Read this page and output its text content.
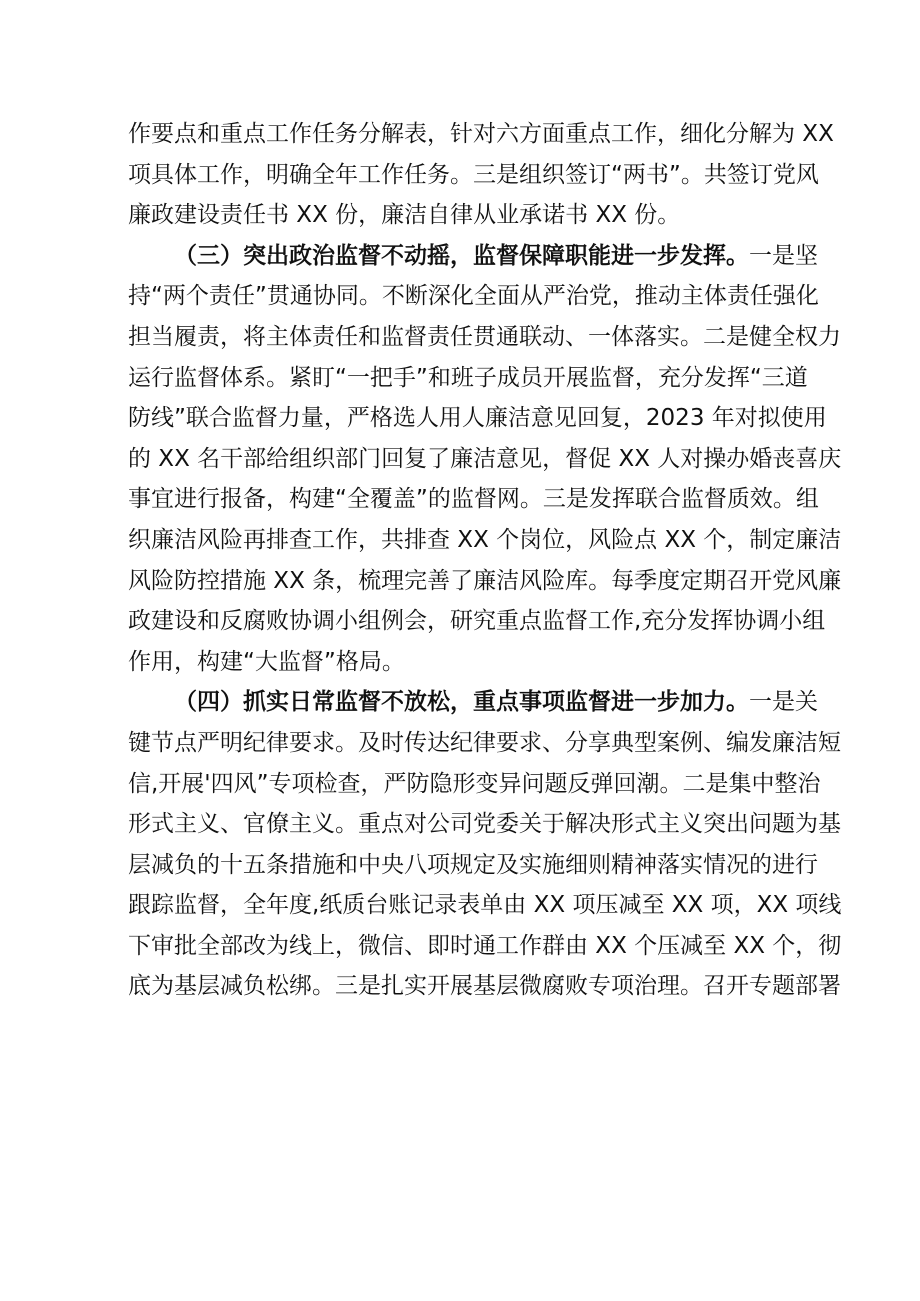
作要点和重点工作任务分解表，针对六方面重点工作，细化分解为 XX
项具体工作，明确全年工作任务。三是组织签订“两书”。共签订党风
廉政建设责任书 XX 份，廉洁自律从业承诺书 XX 份。
（三）突出政治监督不动摇，监督保障职能进一步发挥。一是坚
持“两个责任”贯通协同。不断深化全面从严治党，推动主体责任强化
担当履责，将主体责任和监督责任贯通联动、一体落实。二是健全权力
运行监督体系。紧盯“一把手”和班子成员开展监督，充分发挥“三道
防线”联合监督力量，严格选人用人廉洁意见回复，2023 年对拟使用
的 XX 名干部给组织部门回复了廉洁意见，督促 XX 人对操办婚丧喜庆
事宜进行报备，构建“全覆盖”的监督网。三是发挥联合监督质效。组
织廉洁风险再排查工作，共排查 XX 个岗位，风险点 XX 个，制定廉洁
风险防控措施 XX 条，梳理完善了廉洁风险库。每季度定期召开党风廉
政建设和反腐败协调小组例会，研究重点监督工作,充分发挥协调小组
作用，构建“大监督”格局。
（四）抓实日常监督不放松，重点事项监督进一步加力。一是关
键节点严明纪律要求。及时传达纪律要求、分享典型案例、编发廉洁短
信,开展'四风”专项检查，严防隐形变异问题反弹回潮。二是集中整治
形式主义、官僚主义。重点对公司党委关于解决形式主义突出问题为基
层减负的十五条措施和中央八项规定及实施细则精神落实情况的进行
跟踪监督，全年度,纸质台账记录表单由 XX 项压减至 XX 项，XX 项线
下审批全部改为线上，微信、即时通工作群由 XX 个压减至 XX 个，彻
底为基层减负松绑。三是扎实开展基层微腐败专项治理。召开专题部署
